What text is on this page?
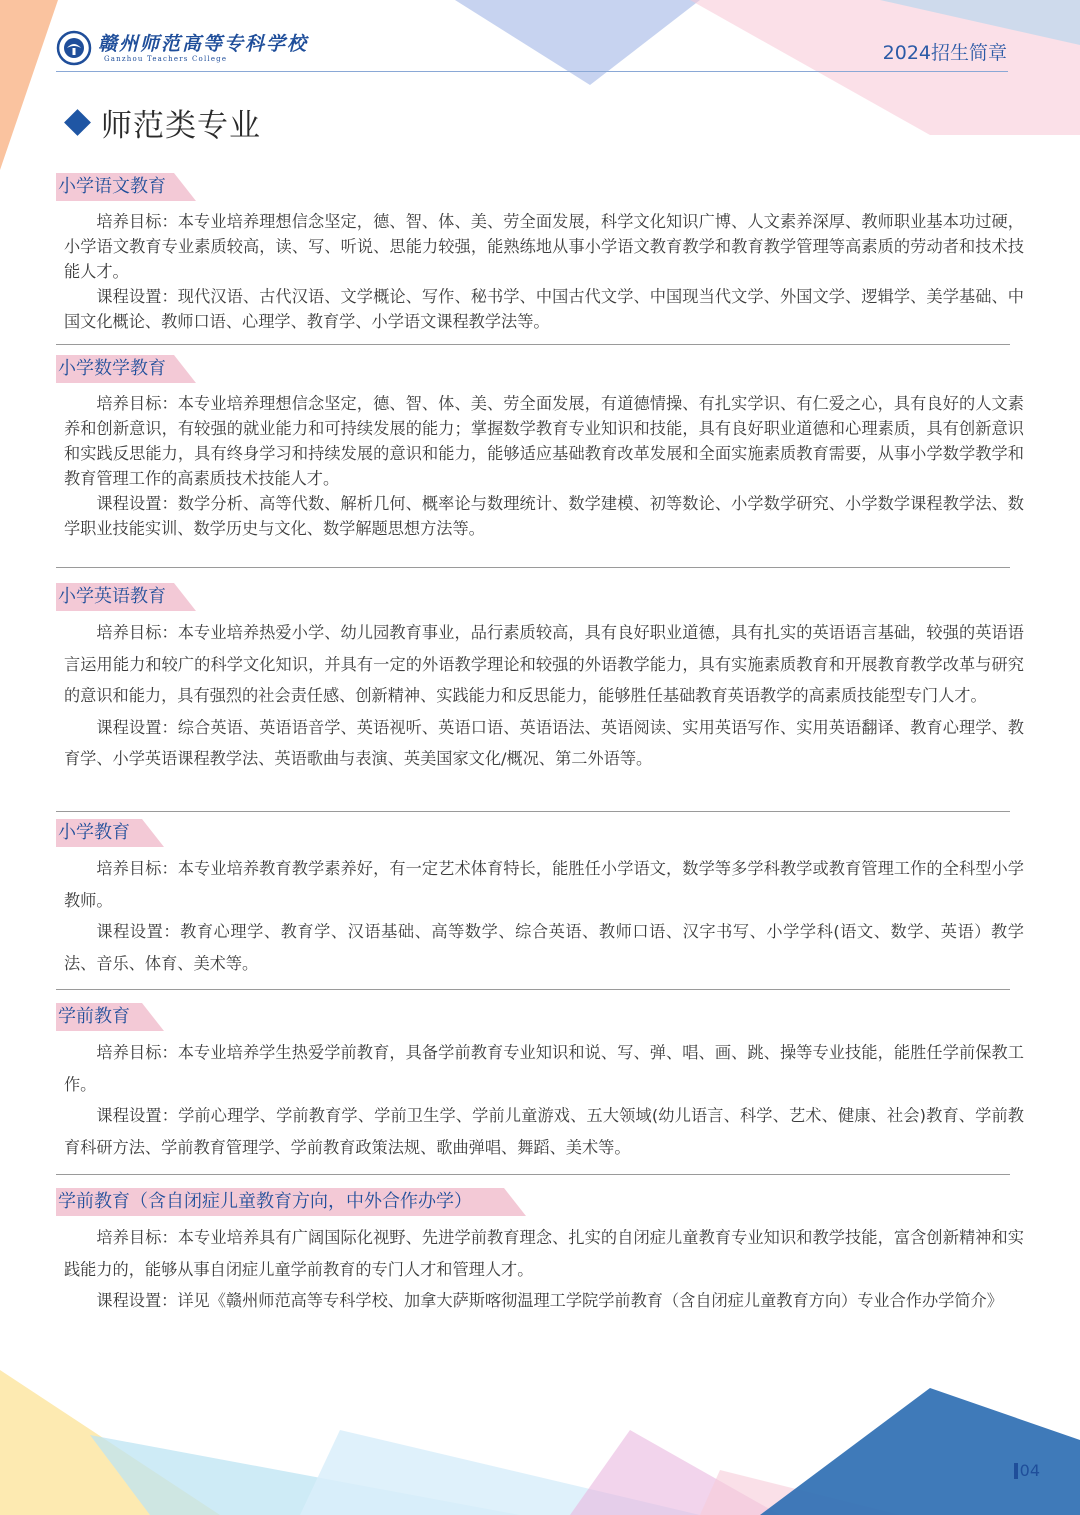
赣州师范高等专科学校
Ganzhou Teachers College	2024招生简章
师范类专业
小学语文教育

培养目标：本专业培养理想信念坚定，德、智、体、美、劳全面发展，科学文化知识广博、人文素养深厚、教师职业基本功过硬，小学语文教育专业素质较高，读、写、听说、思能力较强，能熟练地从事小学语文教育教学和教育教学管理等高素质的劳动者和技术技能人才。

课程设置：现代汉语、古代汉语、文学概论、写作、秘书学、中国古代文学、中国现当代文学、外国文学、逻辑学、美学基础、中国文化概论、教师口语、心理学、教育学、小学语文课程教学法等。

小学数学教育

培养目标：本专业培养理想信念坚定，德、智、体、美、劳全面发展，有道德情操、有扎实学识、有仁爱之心，具有良好的人文素养和创新意识，有较强的就业能力和可持续发展的能力；掌握数学教育专业知识和技能，具有良好职业道德和心理素质，具有创新意识和实践反思能力，具有终身学习和持续发展的意识和能力，能够适应基础教育改革发展和全面实施素质教育需要，从事小学数学教学和教育管理工作的高素质技术技能人才。

课程设置：数学分析、高等代数、解析几何、概率论与数理统计、数学建模、初等数论、小学数学研究、小学数学课程教学法、数学职业技能实训、数学历史与文化、数学解题思想方法等。

小学英语教育

培养目标：本专业培养热爱小学、幼儿园教育事业，品行素质较高，具有良好职业道德，具有扎实的英语语言基础，较强的英语语言运用能力和较广的科学文化知识，并具有一定的外语教学理论和较强的外语教学能力，具有实施素质教育和开展教育教学改革与研究的意识和能力，具有强烈的社会责任感、创新精神、实践能力和反思能力，能够胜任基础教育英语教学的高素质技能型专门人才。

课程设置：综合英语、英语语音学、英语视听、英语口语、英语语法、英语阅读、实用英语写作、实用英语翻译、教育心理学、教育学、小学英语课程教学法、英语歌曲与表演、英美国家文化/概况、第二外语等。

小学教育

培养目标：本专业培养教育教学素养好，有一定艺术体育特长，能胜任小学语文，数学等多学科教学或教育管理工作的全科型小学教师。

课程设置：教育心理学、教育学、汉语基础、高等数学、综合英语、教师口语、汉字书写、小学学科(语文、数学、英语）教学法、音乐、体育、美术等。

学前教育

培养目标：本专业培养学生热爱学前教育，具备学前教育专业知识和说、写、弹、唱、画、跳、操等专业技能，能胜任学前保教工作。

课程设置：学前心理学、学前教育学、学前卫生学、学前儿童游戏、五大领域(幼儿语言、科学、艺术、健康、社会)教育、学前教育科研方法、学前教育管理学、学前教育政策法规、歌曲弹唱、舞蹈、美术等。

学前教育（含自闭症儿童教育方向，中外合作办学）

培养目标：本专业培养具有广阔国际化视野、先进学前教育理念、扎实的自闭症儿童教育专业知识和教学技能，富含创新精神和实践能力的，能够从事自闭症儿童学前教育的专门人才和管理人才。

课程设置：详见《赣州师范高等专科学校、加拿大萨斯喀彻温理工学院学前教育（含自闭症儿童教育方向）专业合作办学简介》

04
